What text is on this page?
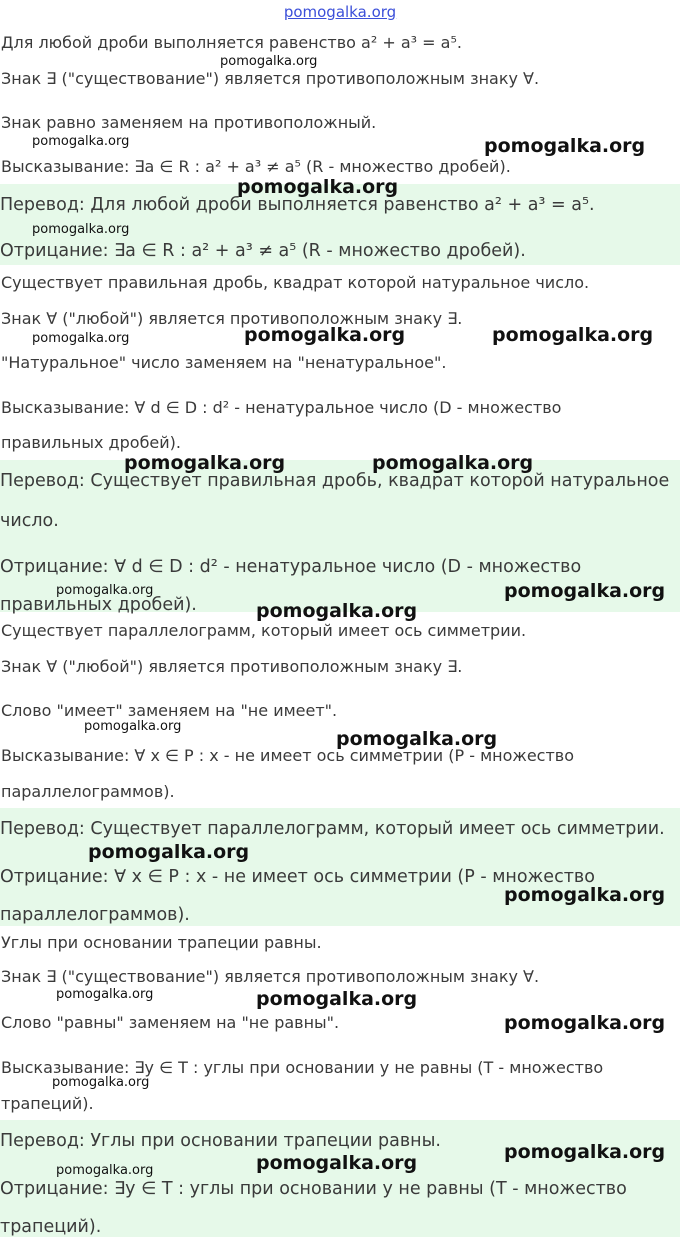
pomogalka.org
Для любой дроби выполняется равенство a² + a³ = a⁵.
Знак ∃ ("существование") является противоположным знаку ∀.
Знак равно заменяем на противоположный.
Высказывание: ∃a ∈ R : a² + a³ ≠ a⁵ (R - множество дробей).
Перевод: Для любой дроби выполняется равенство a² + a³ = a⁵.
Отрицание: ∃a ∈ R : a² + a³ ≠ a⁵ (R - множество дробей).
Существует правильная дробь, квадрат которой натуральное число.
Знак ∀ ("любой") является противоположным знаку ∃.
"Натуральное" число заменяем на "ненатуральное".
Высказывание: ∀ d ∈ D : d² - ненатуральное число (D - множество
правильных дробей).
Перевод: Существует правильная дробь, квадрат которой натуральное
число.
Отрицание: ∀ d ∈ D : d² - ненатуральное число (D - множество
правильных дробей).
Существует параллелограмм, который имеет ось симметрии.
Знак ∀ ("любой") является противоположным знаку ∃.
Слово "имеет" заменяем на "не имеет".
Высказывание: ∀ x ∈ P : x - не имеет ось симметрии (P - множество
параллелограммов).
Перевод: Существует параллелограмм, который имеет ось симметрии.
Отрицание: ∀ x ∈ P : x - не имеет ось симметрии (P - множество
параллелограммов).
Углы при основании трапеции равны.
Знак ∃ ("существование") является противоположным знаку ∀.
Слово "равны" заменяем на "не равны".
Высказывание: ∃y ∈ T : углы при основании y не равны (T - множество
трапеций).
Перевод: Углы при основании трапеции равны.
Отрицание: ∃y ∈ T : углы при основании y не равны (T - множество
трапеций).
pomogalka.org
pomogalka.org
pomogalka.org
pomogalka.org
pomogalka.org
pomogalka.org	pomogalka.org	pomogalka.org
pomogalka.org	pomogalka.org
pomogalka.org	pomogalka.org
pomogalka.org
pomogalka.org
pomogalka.org
pomogalka.org
pomogalka.org
pomogalka.org	pomogalka.org
pomogalka.org
pomogalka.org
pomogalka.org
pomogalka.org	pomogalka.org
